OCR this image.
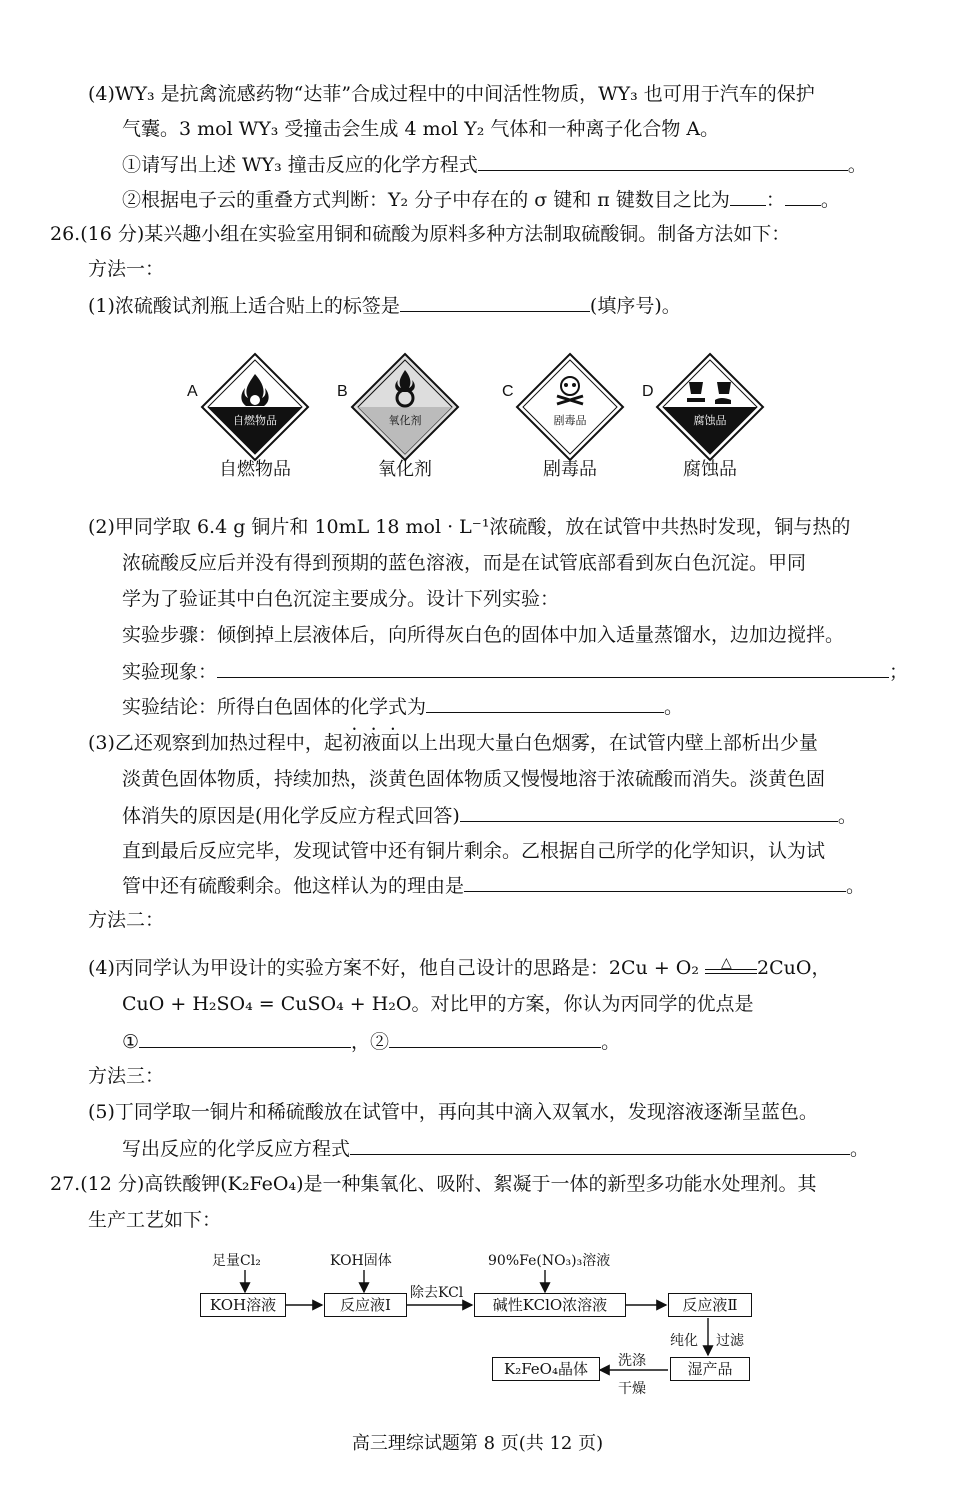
(4)WY₃ 是抗禽流感药物“达菲”合成过程中的中间活性物质，WY₃ 也可用于汽车的保护
气囊。3 mol WY₃ 受撞击会生成 4 mol Y₂ 气体和一种离子化合物 A。
①请写出上述 WY₃ 撞击反应的化学方程式	。
②根据电子云的重叠方式判断：Y₂ 分子中存在的 σ 键和 π 键数目之比为 ： 。
26.(16 分)某兴趣小组在实验室用铜和硫酸为原料多种方法制取硫酸铜。制备方法如下：
方法一：
(1)浓硫酸试剂瓶上适合贴上的标签是	(填序号)。
A
自燃物品
自燃物品
B
氧化剂
氧化剂
C
剧毒品
剧毒品
D
腐蚀品
腐蚀品
(2)甲同学取 6.4 g 铜片和 10mL 18 mol · L⁻¹浓硫酸，放在试管中共热时发现，铜与热的
浓硫酸反应后并没有得到预期的蓝色溶液，而是在试管底部看到灰白色沉淀。甲同
学为了验证其中白色沉淀主要成分。设计下列实验：
实验步骤：倾倒掉上层液体后，向所得灰白色的固体中加入适量蒸馏水，边加边搅拌。
实验现象：	；
实验结论：所得白色固体的化学式 • • •为	。
(3)乙还观察到加热过程中，起初液面以上出现大量白色烟雾，在试管内壁上部析出少量
淡黄色固体物质，持续加热，淡黄色固体物质又慢慢地溶于浓硫酸而消失。淡黄色固
体消失的原因是(用化学反应方程式回答)	。
直到最后反应完毕，发现试管中还有铜片剩余。乙根据自己所学的化学知识，认为试
管中还有硫酸剩余。他这样认为的理由是	。
方法二：
(4)丙同学认为甲设计的实验方案不好，他自己设计的思路是：2Cu + O₂ △ 2CuO，
CuO + H₂SO₄ = CuSO₄ + H₂O。对比甲的方案，你认为丙同学的优点是
①	，②	。
方法三：
(5)丁同学取一铜片和稀硫酸放在试管中，再向其中滴入双氧水，发现溶液逐渐呈蓝色。
写出反应的化学反应方程式	。
27.(12 分)高铁酸钾(K₂FeO₄)是一种集氧化、吸附、絮凝于一体的新型多功能水处理剂。其
生产工艺如下：
KOH溶液	反应液Ⅰ	碱性KClO浓溶液	反应液Ⅱ
湿产品
K₂FeO₄晶体
足量Cl₂	KOH固体	90%Fe(NO₃)₃溶液
除去KCl
纯化 过滤
洗涤
干燥
高三理综试题第 8 页(共 12 页)
